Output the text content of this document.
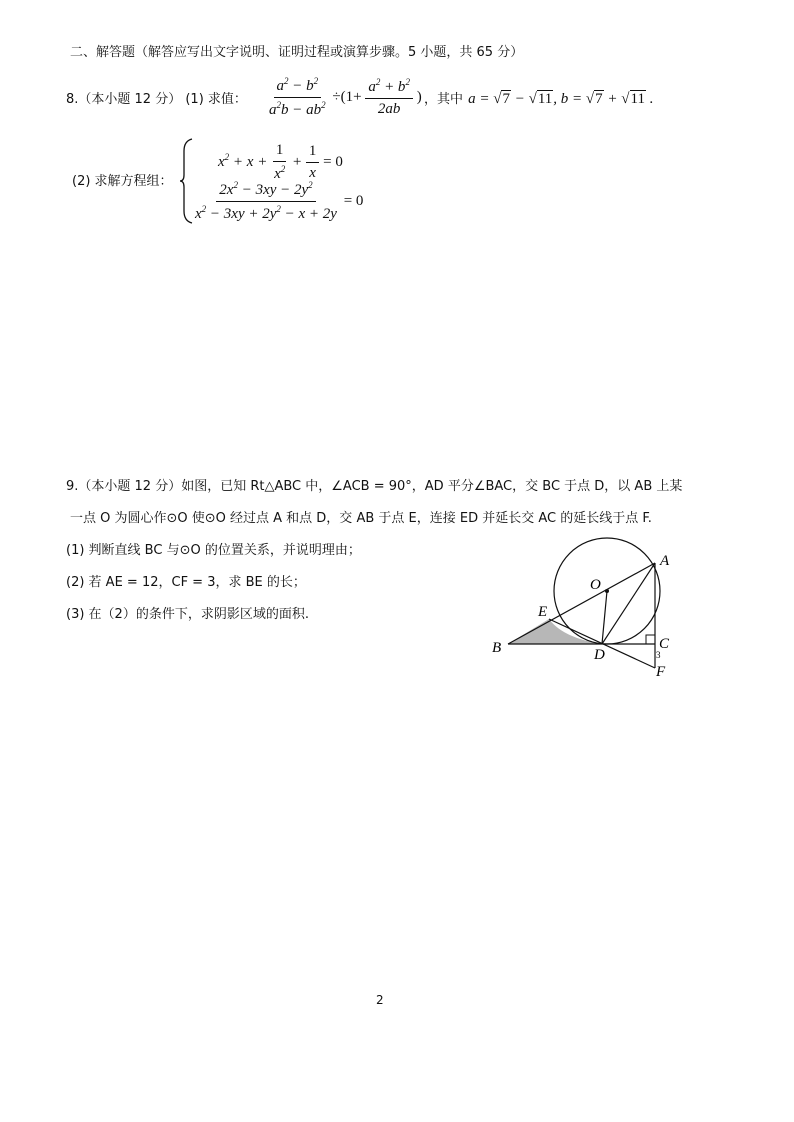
二、解答题（解答应写出文字说明、证明过程或演算步骤。5 小题，共 65 分）
8.（本小题 12 分） (1) 求值： $\frac{a^2 - b^2}{a^2b - ab^2} \div(1+ \frac{a^2 + b^2}{2ab}$ ) ，其中 a = √7 − √11, b = √7 + √11 .
(2) 求解方程组：
$x^2 + x + \frac{1}{x^2} + \frac{1}{x} = 0$
$\frac{2x^2 - 3xy - 2y^2}{x^2 - 3xy + 2y^2 - x + 2y} = 0$
9.（本小题 12 分）如图，已知 Rt△ABC 中，∠ACB = 90°，AD 平分∠BAC，交 BC 于点 D，以 AB 上某
一点 O 为圆心作⊙O 使⊙O 经过点 A 和点 D，交 AB 于点 E，连接 ED 并延长交 AC 的延长线于点 F.
(1) 判断直线 BC 与⊙O 的位置关系，并说明理由；
(2) 若 AE = 12，CF = 3，求 BE 的长；
(3) 在（2）的条件下，求阴影区域的面积.
A
O
E
B	D
C
3
F
2
